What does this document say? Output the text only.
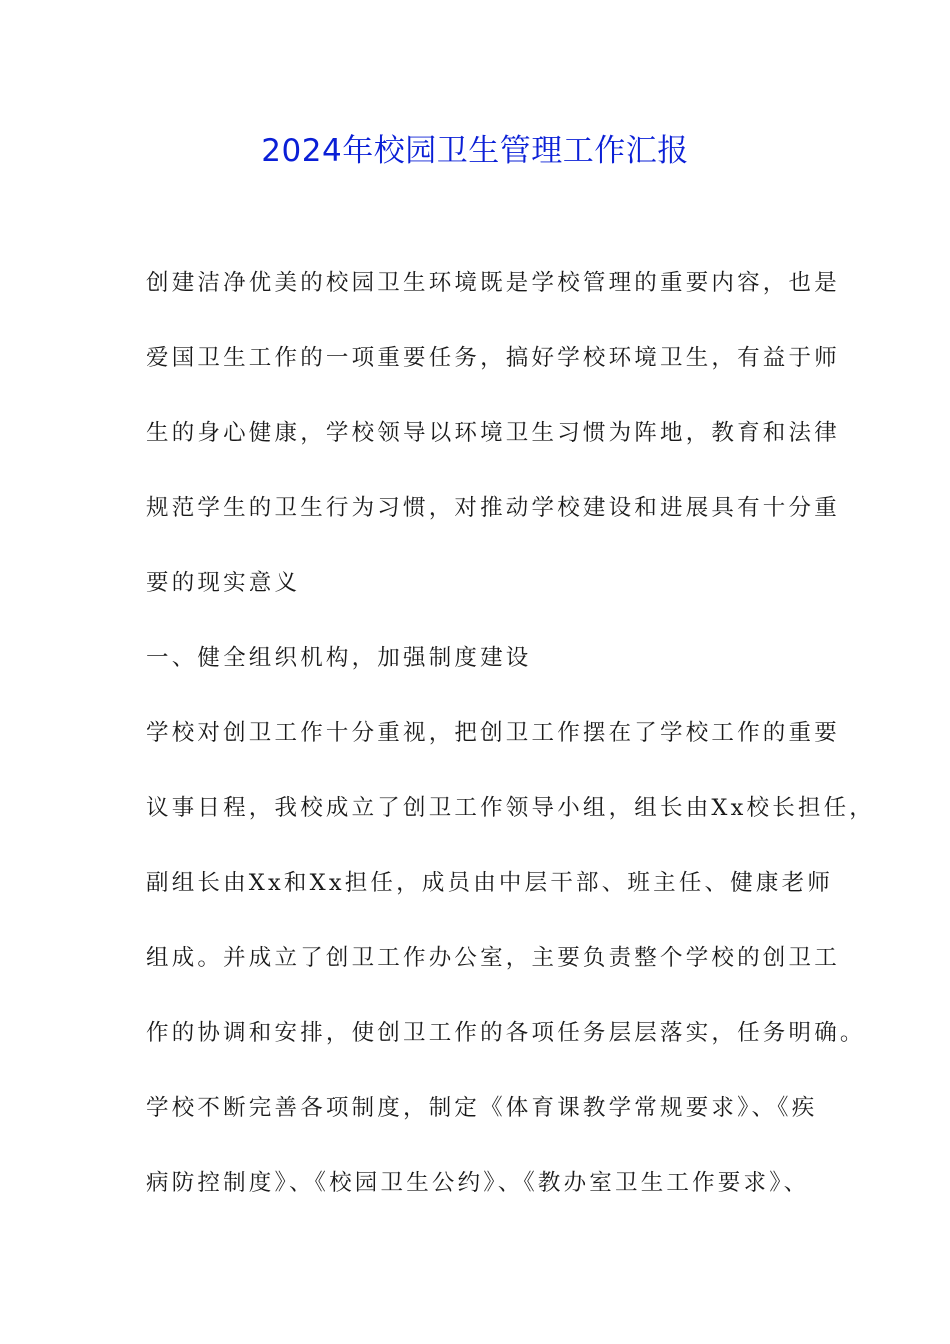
2024年校园卫生管理工作汇报

创建洁净优美的校园卫生环境既是学校管理的重要内容，也是

爱国卫生工作的一项重要任务，搞好学校环境卫生，有益于师

生的身心健康，学校领导以环境卫生习惯为阵地，教育和法律

规范学生的卫生行为习惯，对推动学校建设和进展具有十分重

要的现实意义

一、健全组织机构，加强制度建设

学校对创卫工作十分重视，把创卫工作摆在了学校工作的重要

议事日程，我校成立了创卫工作领导小组，组长由Xx校长担任，

副组长由Xx和Xx担任，成员由中层干部、班主任、健康老师

组成。并成立了创卫工作办公室，主要负责整个学校的创卫工

作的协调和安排，使创卫工作的各项任务层层落实，任务明确。

学校不断完善各项制度，制定《体育课教学常规要求》、《疾

病防控制度》、《校园卫生公约》、《教办室卫生工作要求》、
